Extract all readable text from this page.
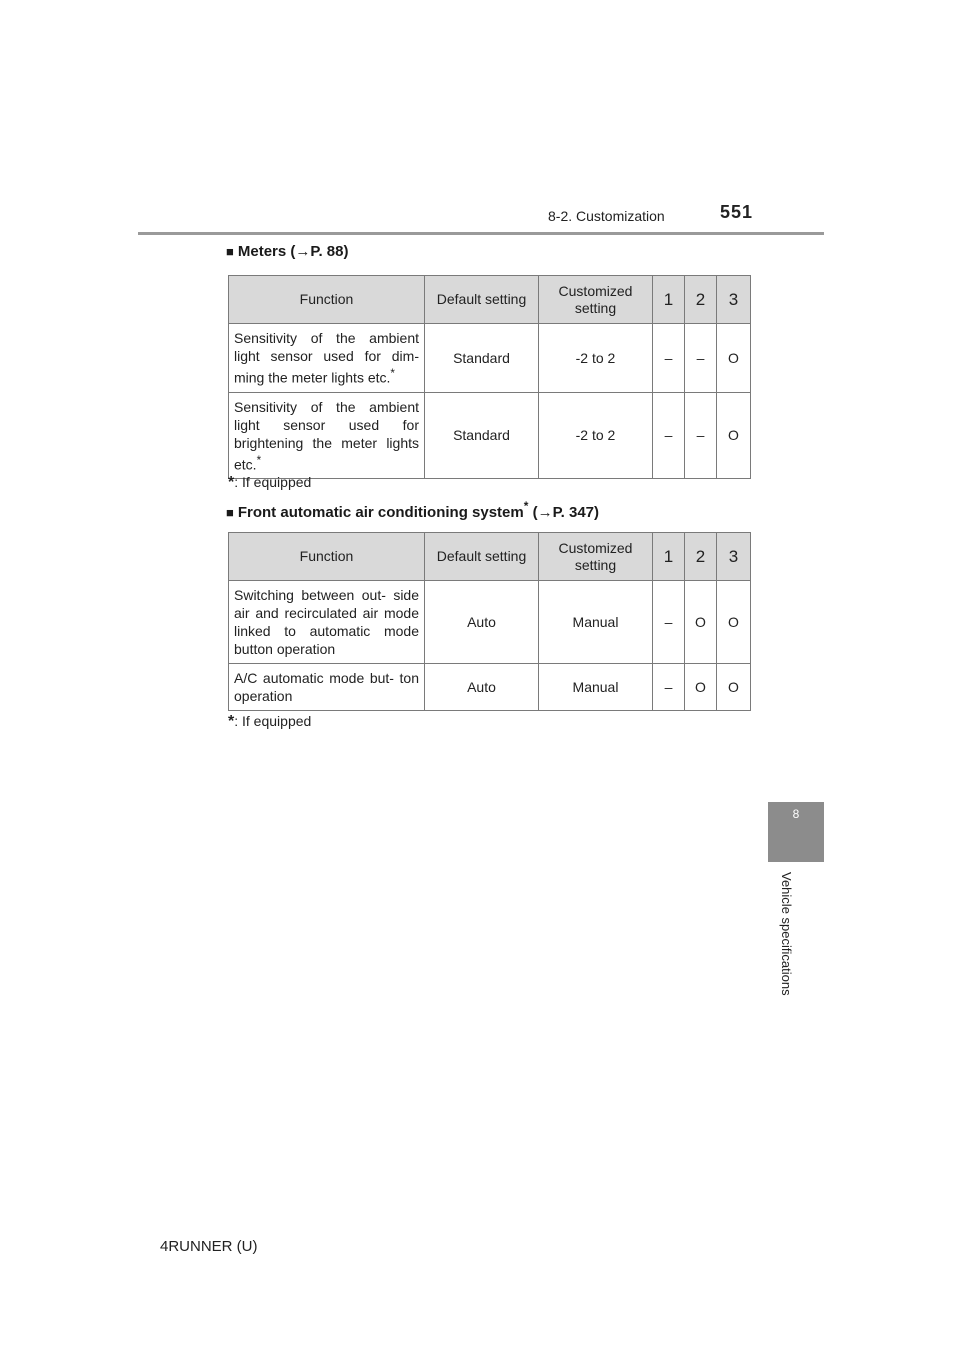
8-2. Customization	551
8
Vehicle specifications
■ Meters (→P. 88)
Function	Default setting	Customized setting	1	2	3
Sensitivity of the ambient light sensor used for dim- ming the meter lights etc.*	Standard	-2 to 2	–	–	O
Sensitivity of the ambient light sensor used for brightening the meter lights etc.*	Standard	-2 to 2	–	–	O
*: If equipped
■ Front automatic air conditioning system* (→P. 347)
Function	Default setting	Customized setting	1	2	3
Switching between out- side air and recirculated air mode linked to automatic mode button operation	Auto	Manual	–	O	O
A/C automatic mode but- ton operation	Auto	Manual	–	O	O
*: If equipped
4RUNNER (U)
